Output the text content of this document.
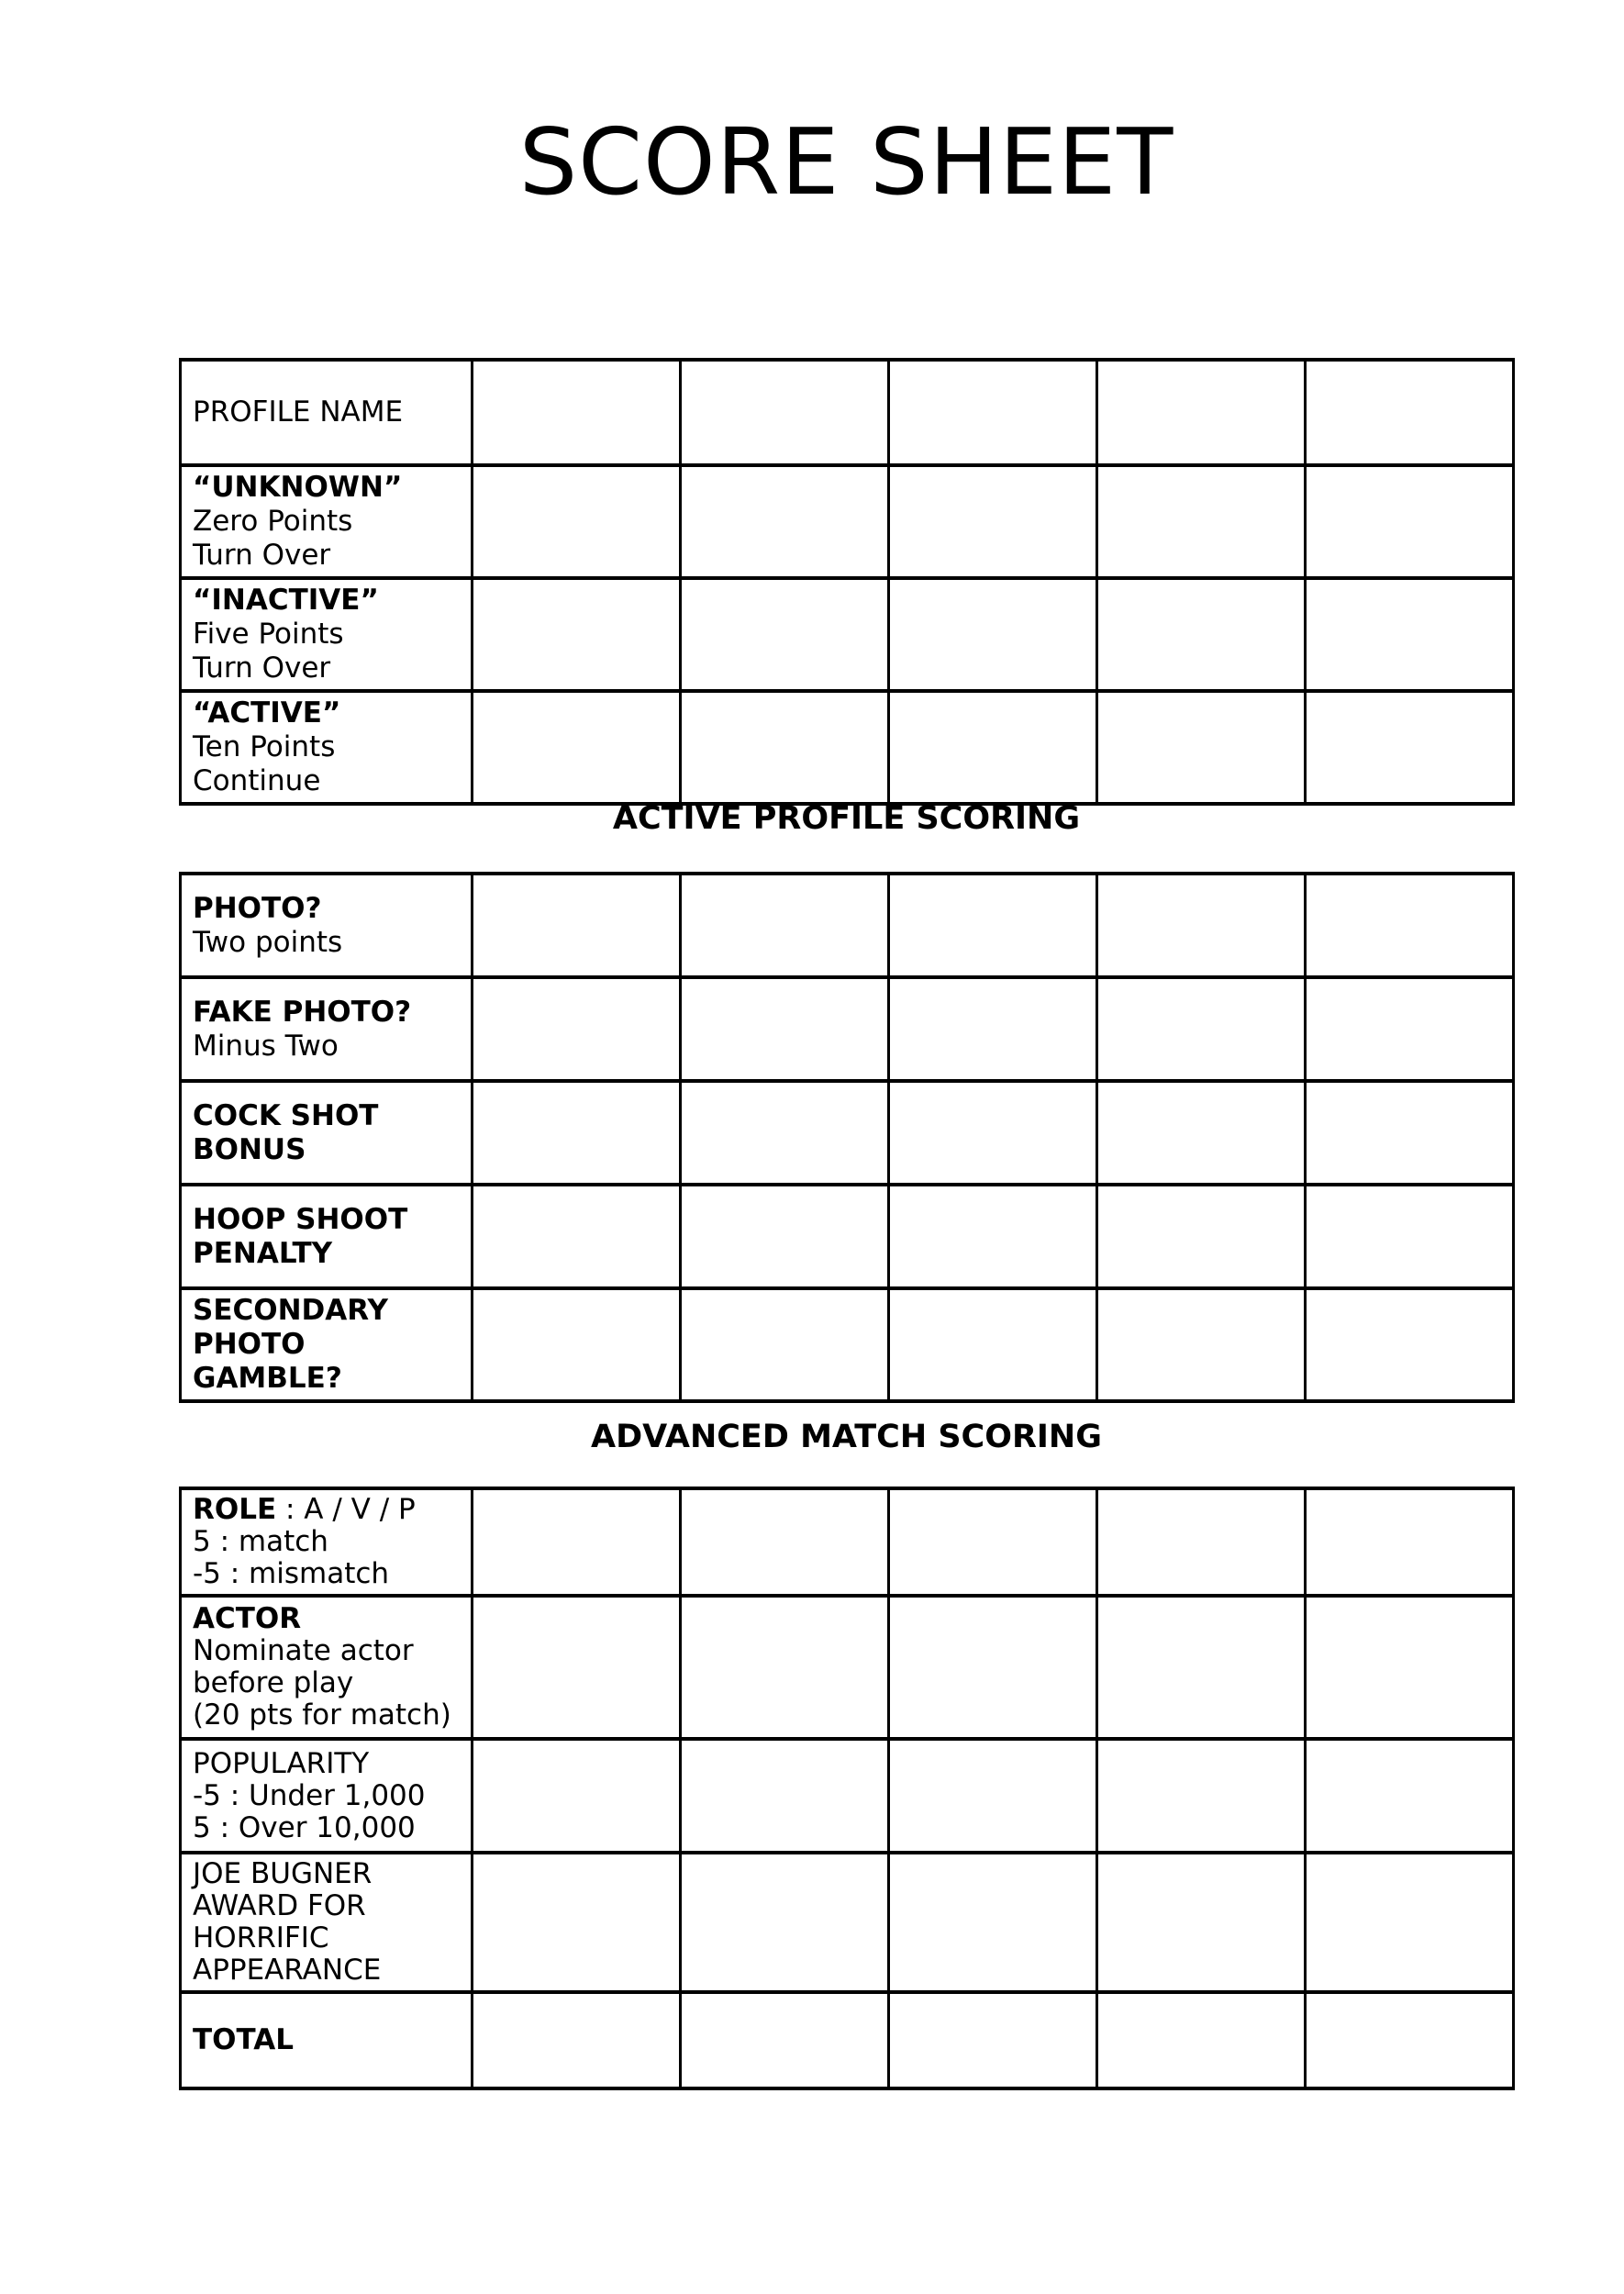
SCORE SHEET
PROFILE NAME					

“UNKNOWN”
Zero Points
Turn Over					

“INACTIVE”
Five Points
Turn Over					

“ACTIVE”
Ten Points
Continue					

ACTIVE PROFILE SCORING
PHOTO?
Two points					

FAKE PHOTO?
Minus Two					

COCK SHOT
BONUS					

HOOP SHOOT
PENALTY					

SECONDARY
PHOTO GAMBLE?					

ADVANCED MATCH SCORING
ROLE : A / V / P
5 : match
-5 : mismatch					

ACTOR
Nominate actor
before play
(20 pts for match)					

POPULARITY
-5 : Under 1,000
5 : Over 10,000					

JOE BUGNER
AWARD FOR
HORRIFIC
APPEARANCE					

TOTAL					
